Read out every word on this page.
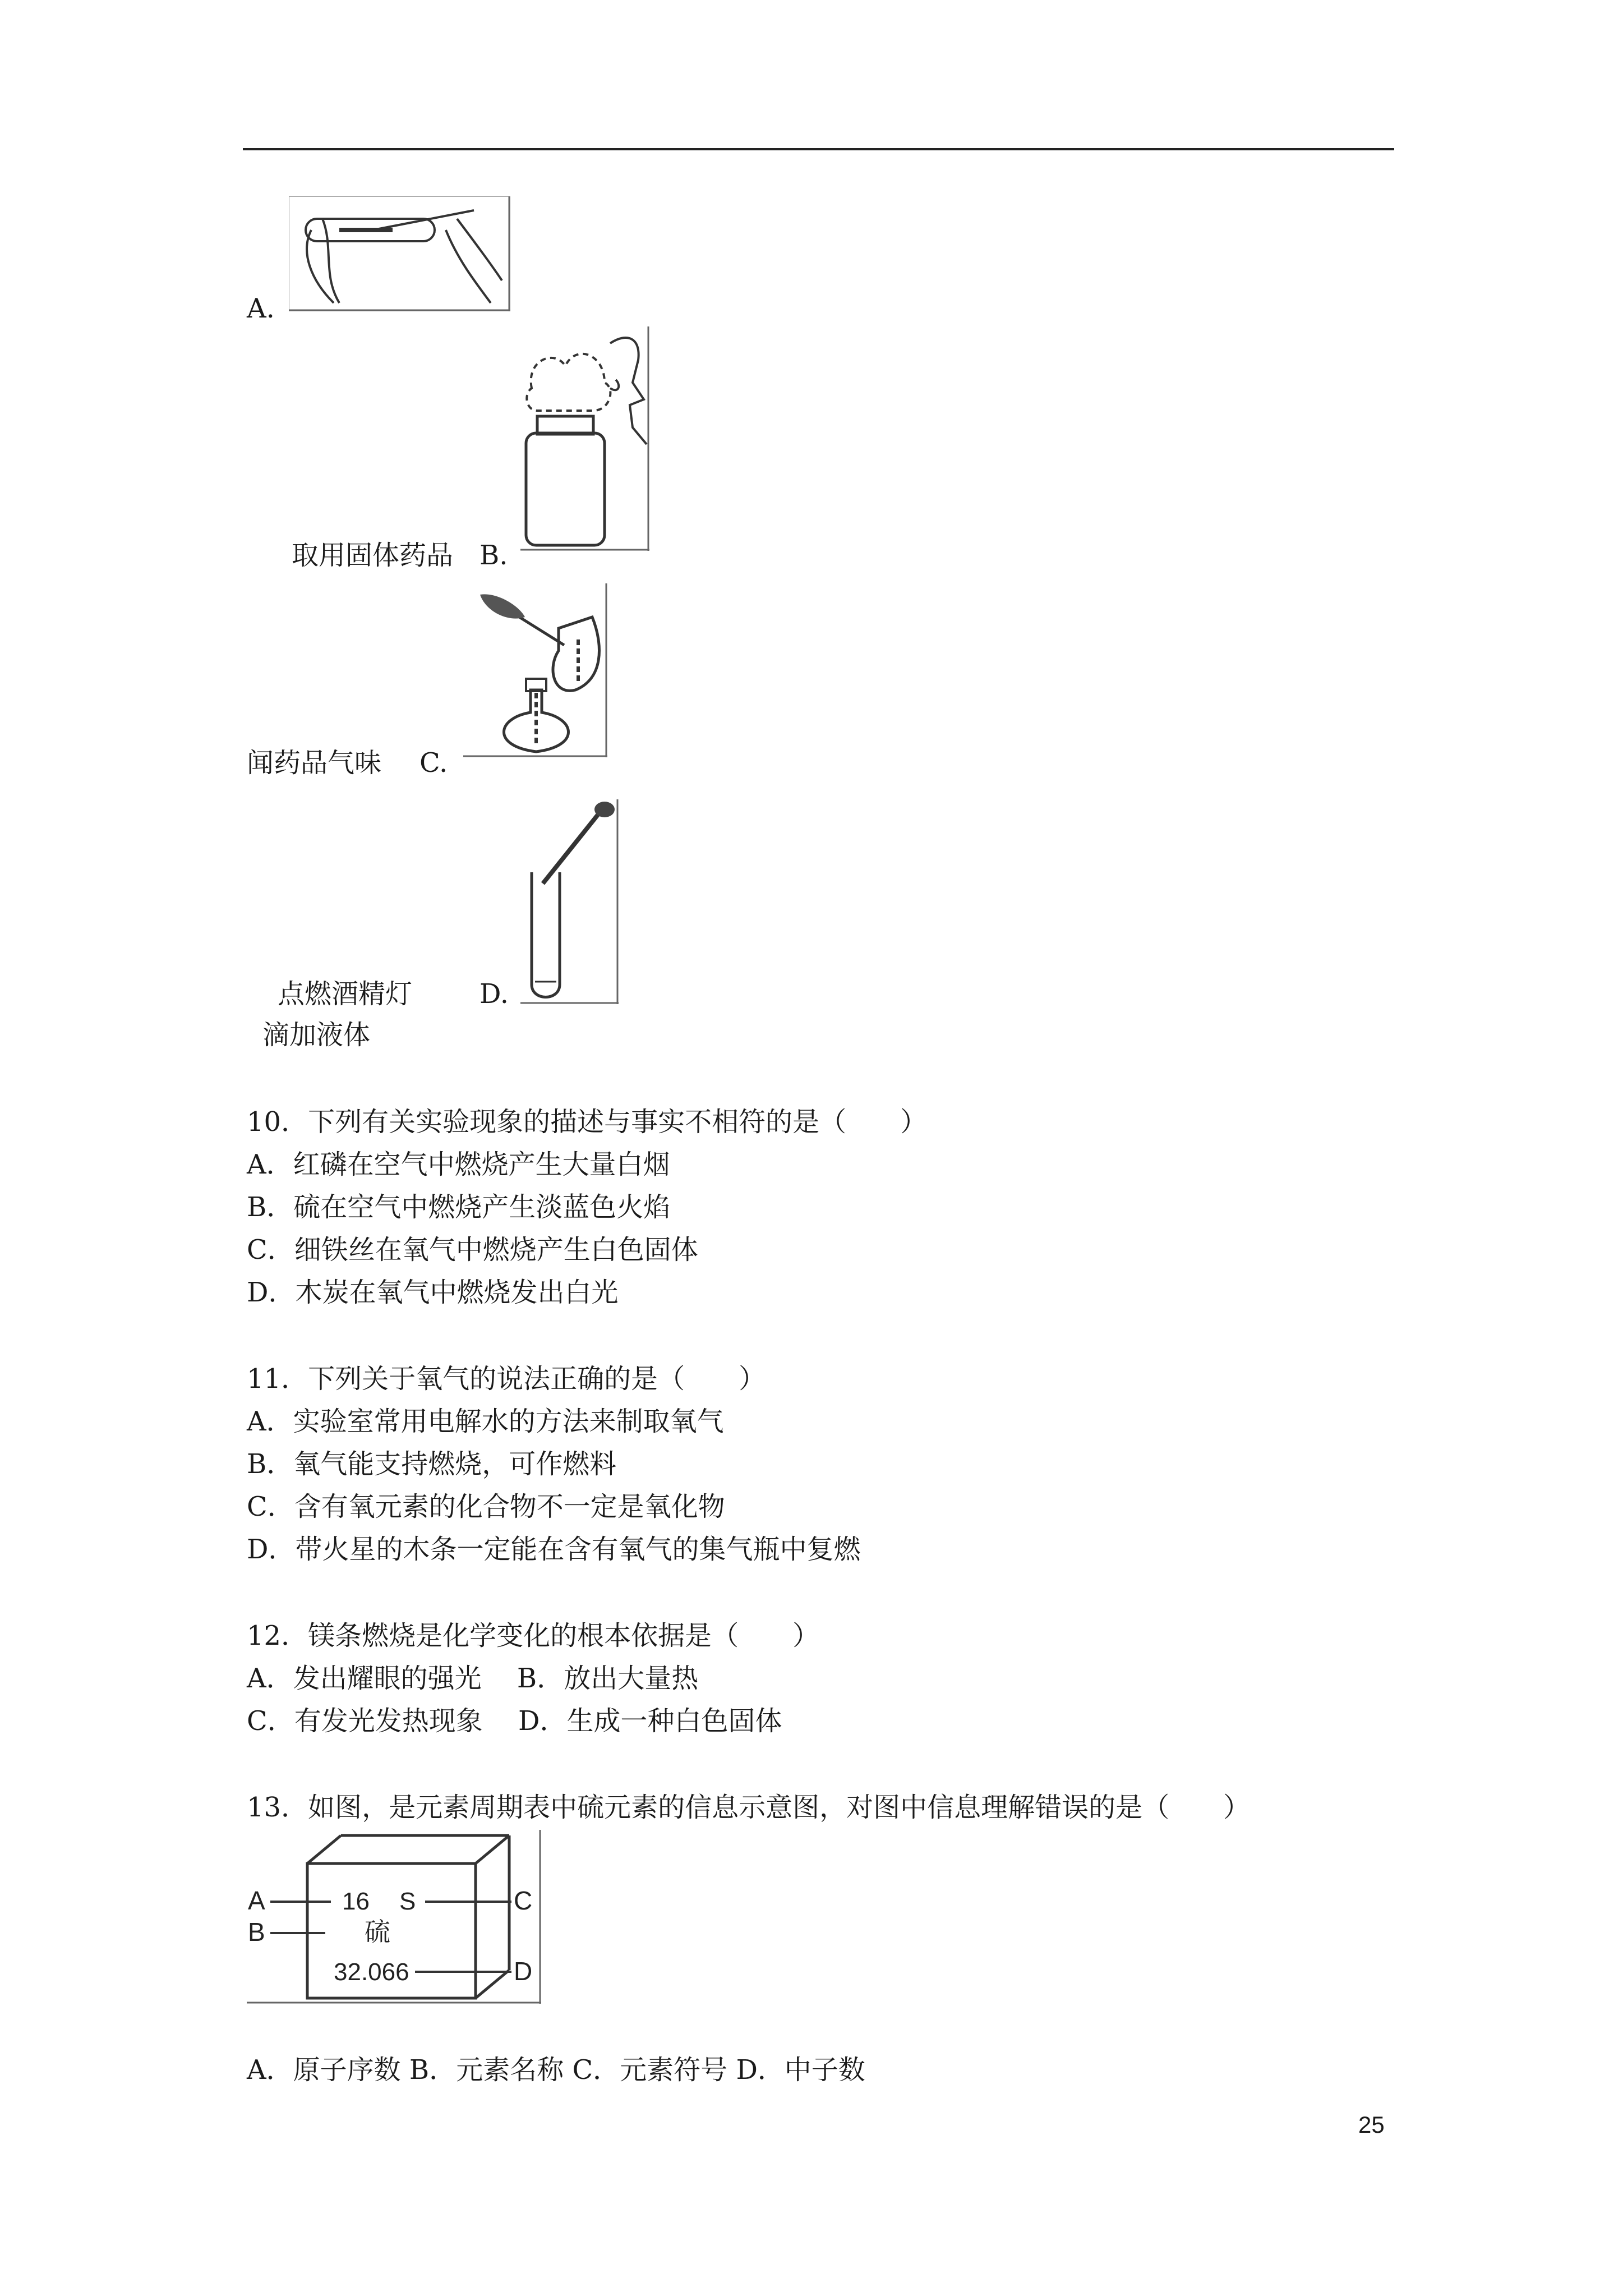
A.
取用固体药品 B.
闻药品气味 C.
点燃酒精灯 D.
滴加液体
10．下列有关实验现象的描述与事实不相符的是（　　）
A．红磷在空气中燃烧产生大量白烟
B．硫在空气中燃烧产生淡蓝色火焰
C．细铁丝在氧气中燃烧产生白色固体
D．木炭在氧气中燃烧发出白光
11．下列关于氧气的说法正确的是（　　）
A．实验室常用电解水的方法来制取氧气
B．氧气能支持燃烧，可作燃料
C．含有氧元素的化合物不一定是氧化物
D．带火星的木条一定能在含有氧气的集气瓶中复燃
12．镁条燃烧是化学变化的根本依据是（　　）
A．发出耀眼的强光　 B．放出大量热
C．有发光发热现象　 D．生成一种白色固体
13．如图，是元素周期表中硫元素的信息示意图，对图中信息理解错误的是（　　）
A
B
C
D
16 S
硫
32.066
A．原子序数 B．元素名称 C．元素符号 D．中子数
25
